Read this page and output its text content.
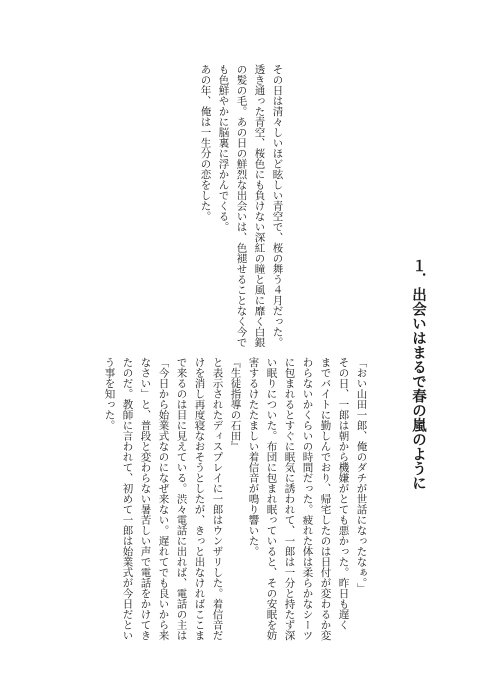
その日は清々しいほど眩しい青空で、桜の舞う４月だった。
透き通った青空、桜色にも負けない深紅の瞳と風に靡く白銀
の髪の毛。あの日の鮮烈な出会いは、色褪せることなく今で
も色鮮やかに脳裏に浮かんでくる。
あの年、俺は一生分の恋をした。
１．出会いはまるで春の嵐のように
「おい山田一郎、俺のダチが世話になったなぁ。」
その日、一郎は朝から機嫌がとても悪かった。昨日も遅く
までバイトに勤しんでおり、帰宅したのは日付が変わるか変
わらないかくらいの時間だった。疲れた体は柔らかなシーツ
に包まれるとすぐに眠気に誘われて、一郎は一分と持たず深
い眠りについた。布団に包まれ眠っていると、その安眠を妨
害するけたたましい着信音が鳴り響いた。
『生徒指導の石田』
と表示されたディスプレイに一郎はウンザリした。着信音だ
けを消し再度寝なおそうとしたが、きっと出なければここま
で来るのは目に見えている。渋々電話に出れば、電話の主は
「今日から始業式なのになぜ来ない。遅れてでも良いから来
なさい」と、普段と変わらない暑苦しい声で電話をかけてき
たのだ。教師に言われて、初めて一郎は始業式が今日だとい
う事を知った。
